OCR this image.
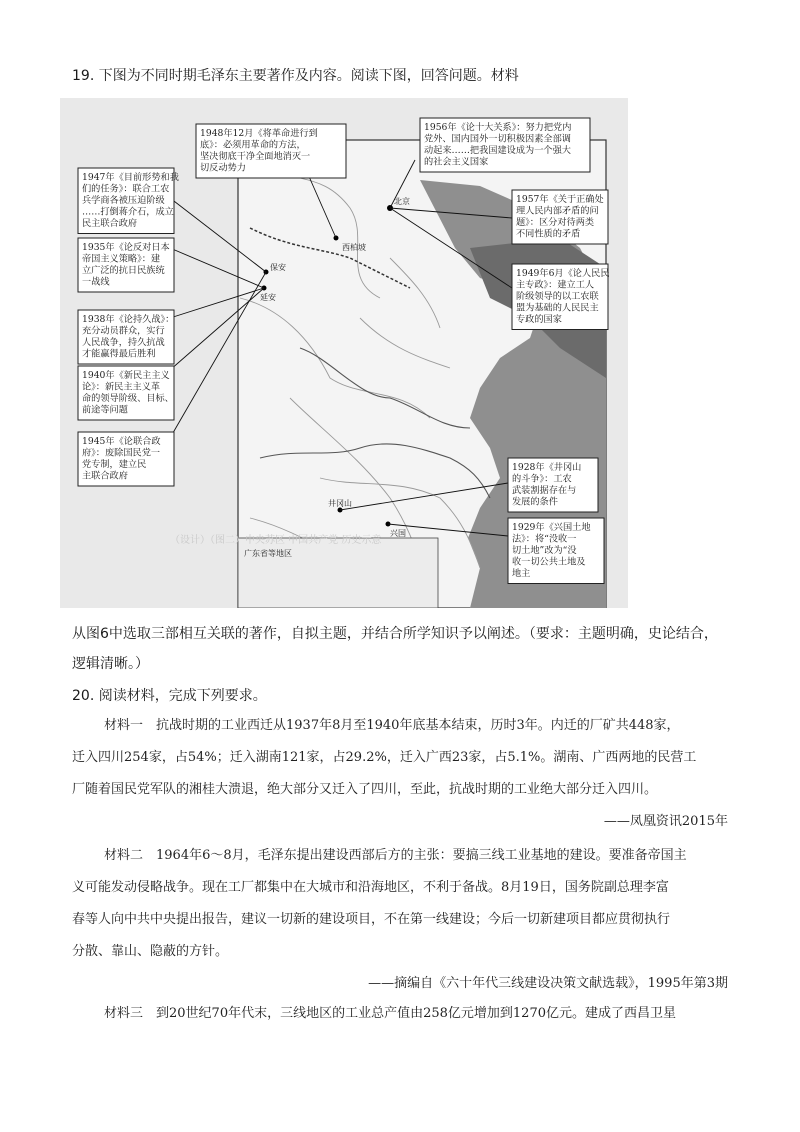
19. 下图为不同时期毛泽东主要著作及内容。阅读下图，回答问题。材料
广东省等地区
（设计）（图二）中央苏区 中国共产党 历史示意
西柏坡
北京
延安
保安
井冈山
兴国
1948年12月《将革命进行到
底》：必须用革命的方法，
坚决彻底干净全面地消灭一
切反动势力
1956年《论十大关系》：努力把党内
党外、国内国外一切积极因素全部调
动起来……把我国建设成为一个强大
的社会主义国家
1947年《目前形势和我
们的任务》：联合工农
兵学商各被压迫阶级
……打倒蒋介石，成立
民主联合政府
1957年《关于正确处
理人民内部矛盾的问
题》：区分对待两类
不同性质的矛盾
1935年《论反对日本
帝国主义策略》：建
立广泛的抗日民族统
一战线
1949年6月《论人民民
主专政》：建立工人
阶级领导的以工农联
盟为基础的人民民主
专政的国家
1938年《论持久战》：
充分动员群众，实行
人民战争，持久抗战
才能赢得最后胜利
1940年《新民主主义
论》：新民主主义革
命的领导阶级、目标、
前途等问题
1945年《论联合政
府》：废除国民党一
党专制，建立民
主联合政府
1928年《井冈山
的斗争》：工农
武装割据存在与
发展的条件
1929年《兴国土地
法》：将“没收一
切土地”改为“没
收一切公共土地及
地主
从图6中选取三部相互关联的著作，自拟主题，并结合所学知识予以阐述。（要求：主题明确，史论结合，
逻辑清晰。）
20. 阅读材料，完成下列要求。
材料一　抗战时期的工业西迁从1937年8月至1940年底基本结束，历时3年。内迁的厂矿共448家，
迁入四川254家，占54%；迁入湖南121家，占29.2%，迁入广西23家，占5.1%。湖南、广西两地的民营工
厂随着国民党军队的湘桂大溃退，绝大部分又迁入了四川，至此，抗战时期的工业绝大部分迁入四川。
——凤凰资讯2015年
材料二　1964年6～8月，毛泽东提出建设西部后方的主张：要搞三线工业基地的建设。要准备帝国主
义可能发动侵略战争。现在工厂都集中在大城市和沿海地区，不利于备战。8月19日，国务院副总理李富
春等人向中共中央提出报告，建议一切新的建设项目，不在第一线建设；今后一切新建项目都应贯彻执行
分散、靠山、隐蔽的方针。
——摘编自《六十年代三线建设决策文献选载》，1995年第3期
材料三　到20世纪70年代末，三线地区的工业总产值由258亿元增加到1270亿元。建成了西昌卫星
